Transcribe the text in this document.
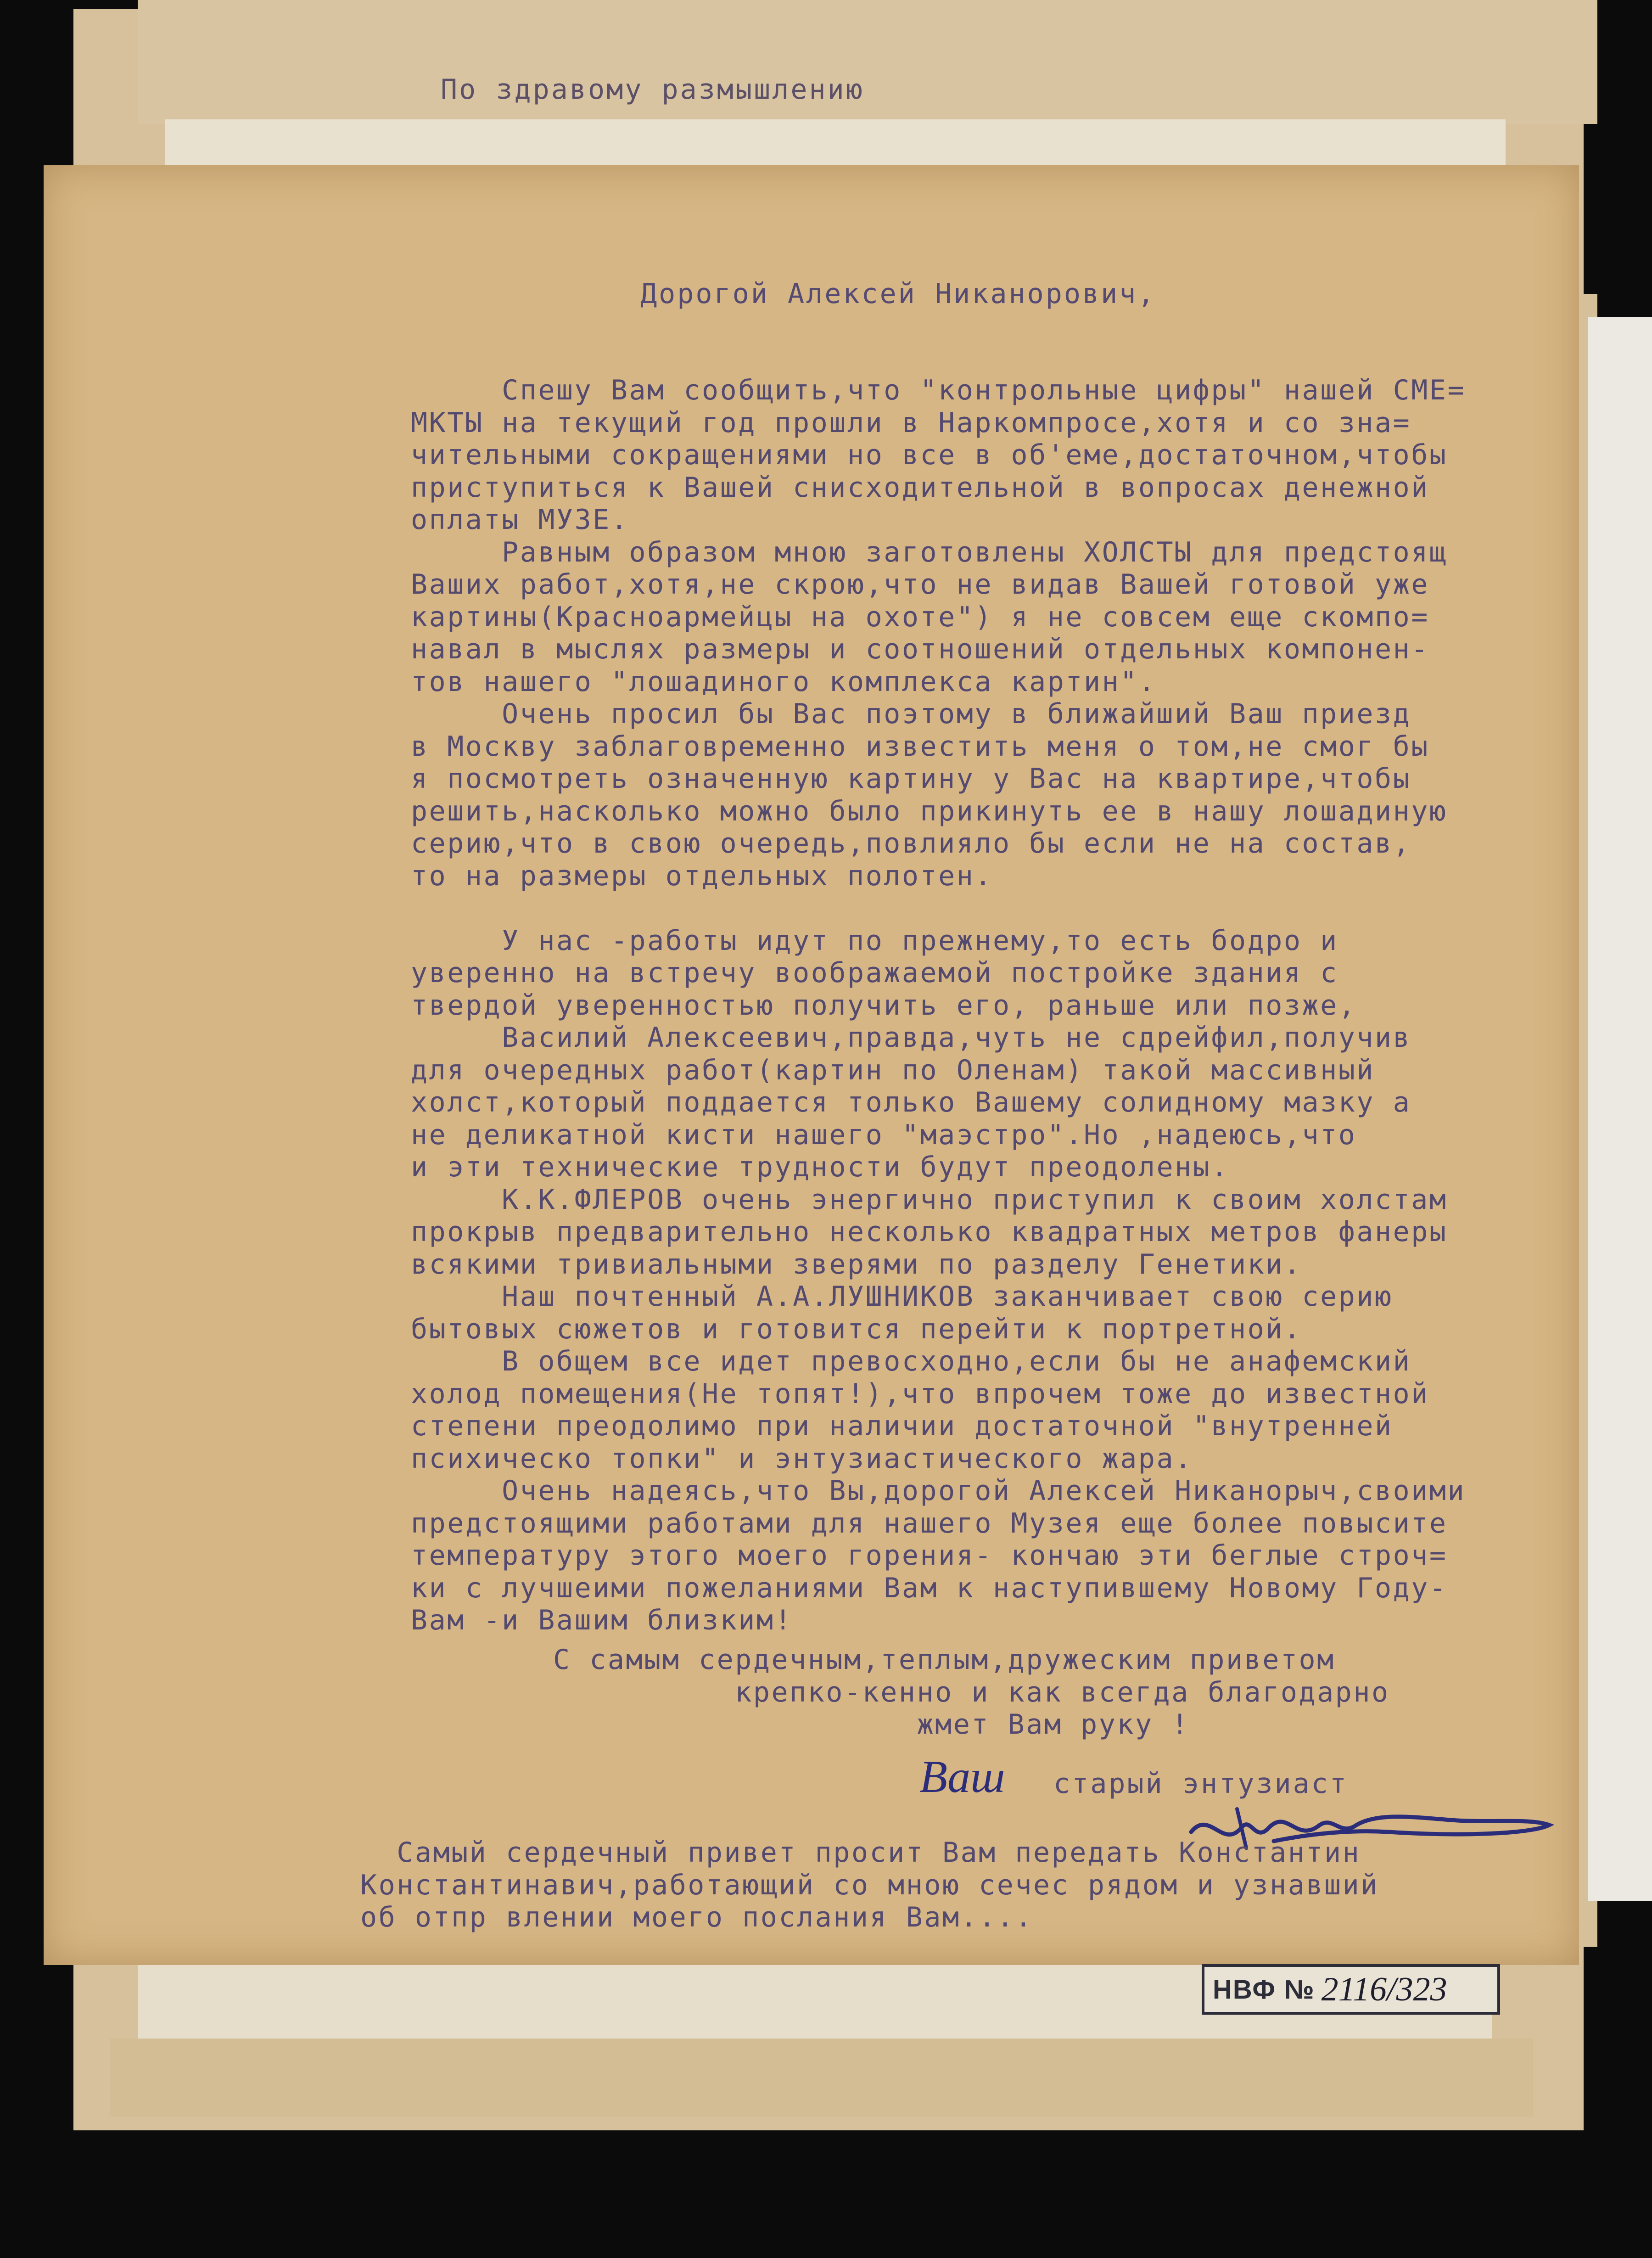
По здравому размышлению
Дорогой Алексей Никанорович,
Спешу Вам сообщить,что "контрольные цифры" нашей СМЕ=
МКТЫ на текущий год прошли в Наркомпросе,хотя и со зна=
чительными сокращениями но все в об'еме,достаточном,чтобы
приступиться к Вашей снисходительной в вопросах денежной
оплаты МУЗЕ.
Равным образом мною заготовлены ХОЛСТЫ для предстоящ
Ваших работ,хотя,не скрою,что не видав Вашей готовой уже
картины(Красноармейцы на охоте") я не совсем еще скомпо=
навал в мыслях размеры и соотношений отдельных компонен-
тов нашего "лошадиного комплекса картин".
Очень просил бы Вас поэтому в ближайший Ваш приезд
в Москву заблаговременно известить меня о том,не смог бы
я посмотреть означенную картину у Вас на квартире,чтобы
решить,насколько можно было прикинуть ее в нашу лошадиную
серию,что в свою очередь,повлияло бы если не на состав,
то на размеры отдельных полотен.
У нас -работы идут по прежнему,то есть бодро и
уверенно на встречу воображаемой постройке здания с
твердой уверенностью получить его, раньше или позже,
Василий Алексеевич,правда,чуть не сдрейфил,получив
для очередных работ(картин по Оленам) такой массивный
холст,который поддается только Вашему солидному мазку а
не деликатной кисти нашего "маэстро".Но ,надеюсь,что
и эти технические трудности будут преодолены.
К.К.ФЛЕРОВ очень энергично приступил к своим холстам
прокрыв предварительно несколько квадратных метров фанеры
всякими тривиальными зверями по разделу Генетики.
Наш почтенный А.А.ЛУШНИКОВ заканчивает свою серию
бытовых сюжетов и готовится перейти к портретной.
В общем все идет превосходно,если бы не анафемский
холод помещения(Не топят!),что впрочем тоже до известной
степени преодолимо при наличии достаточной "внутренней
психическо топки" и энтузиастического жара.
Очень надеясь,что Вы,дорогой Алексей Никанорыч,своими
предстоящими работами для нашего Музея еще более повысите
температуру этого моего горения- кончаю эти беглые строч=
ки с лучшеими пожеланиями Вам к наступившему Новому Году-
Вам -и Вашим близким!
С самым сердечным,теплым,дружеским приветом
крепко-кенно и как всегда благодарно
жмет Вам руку !
Ваш старый энтузиаст
Самый сердечный привет просит Вам передать Константин
Константинавич,работающий со мною сечес рядом и узнавший
об отпр влении моего послания Вам....
НВФ № 2116/323
